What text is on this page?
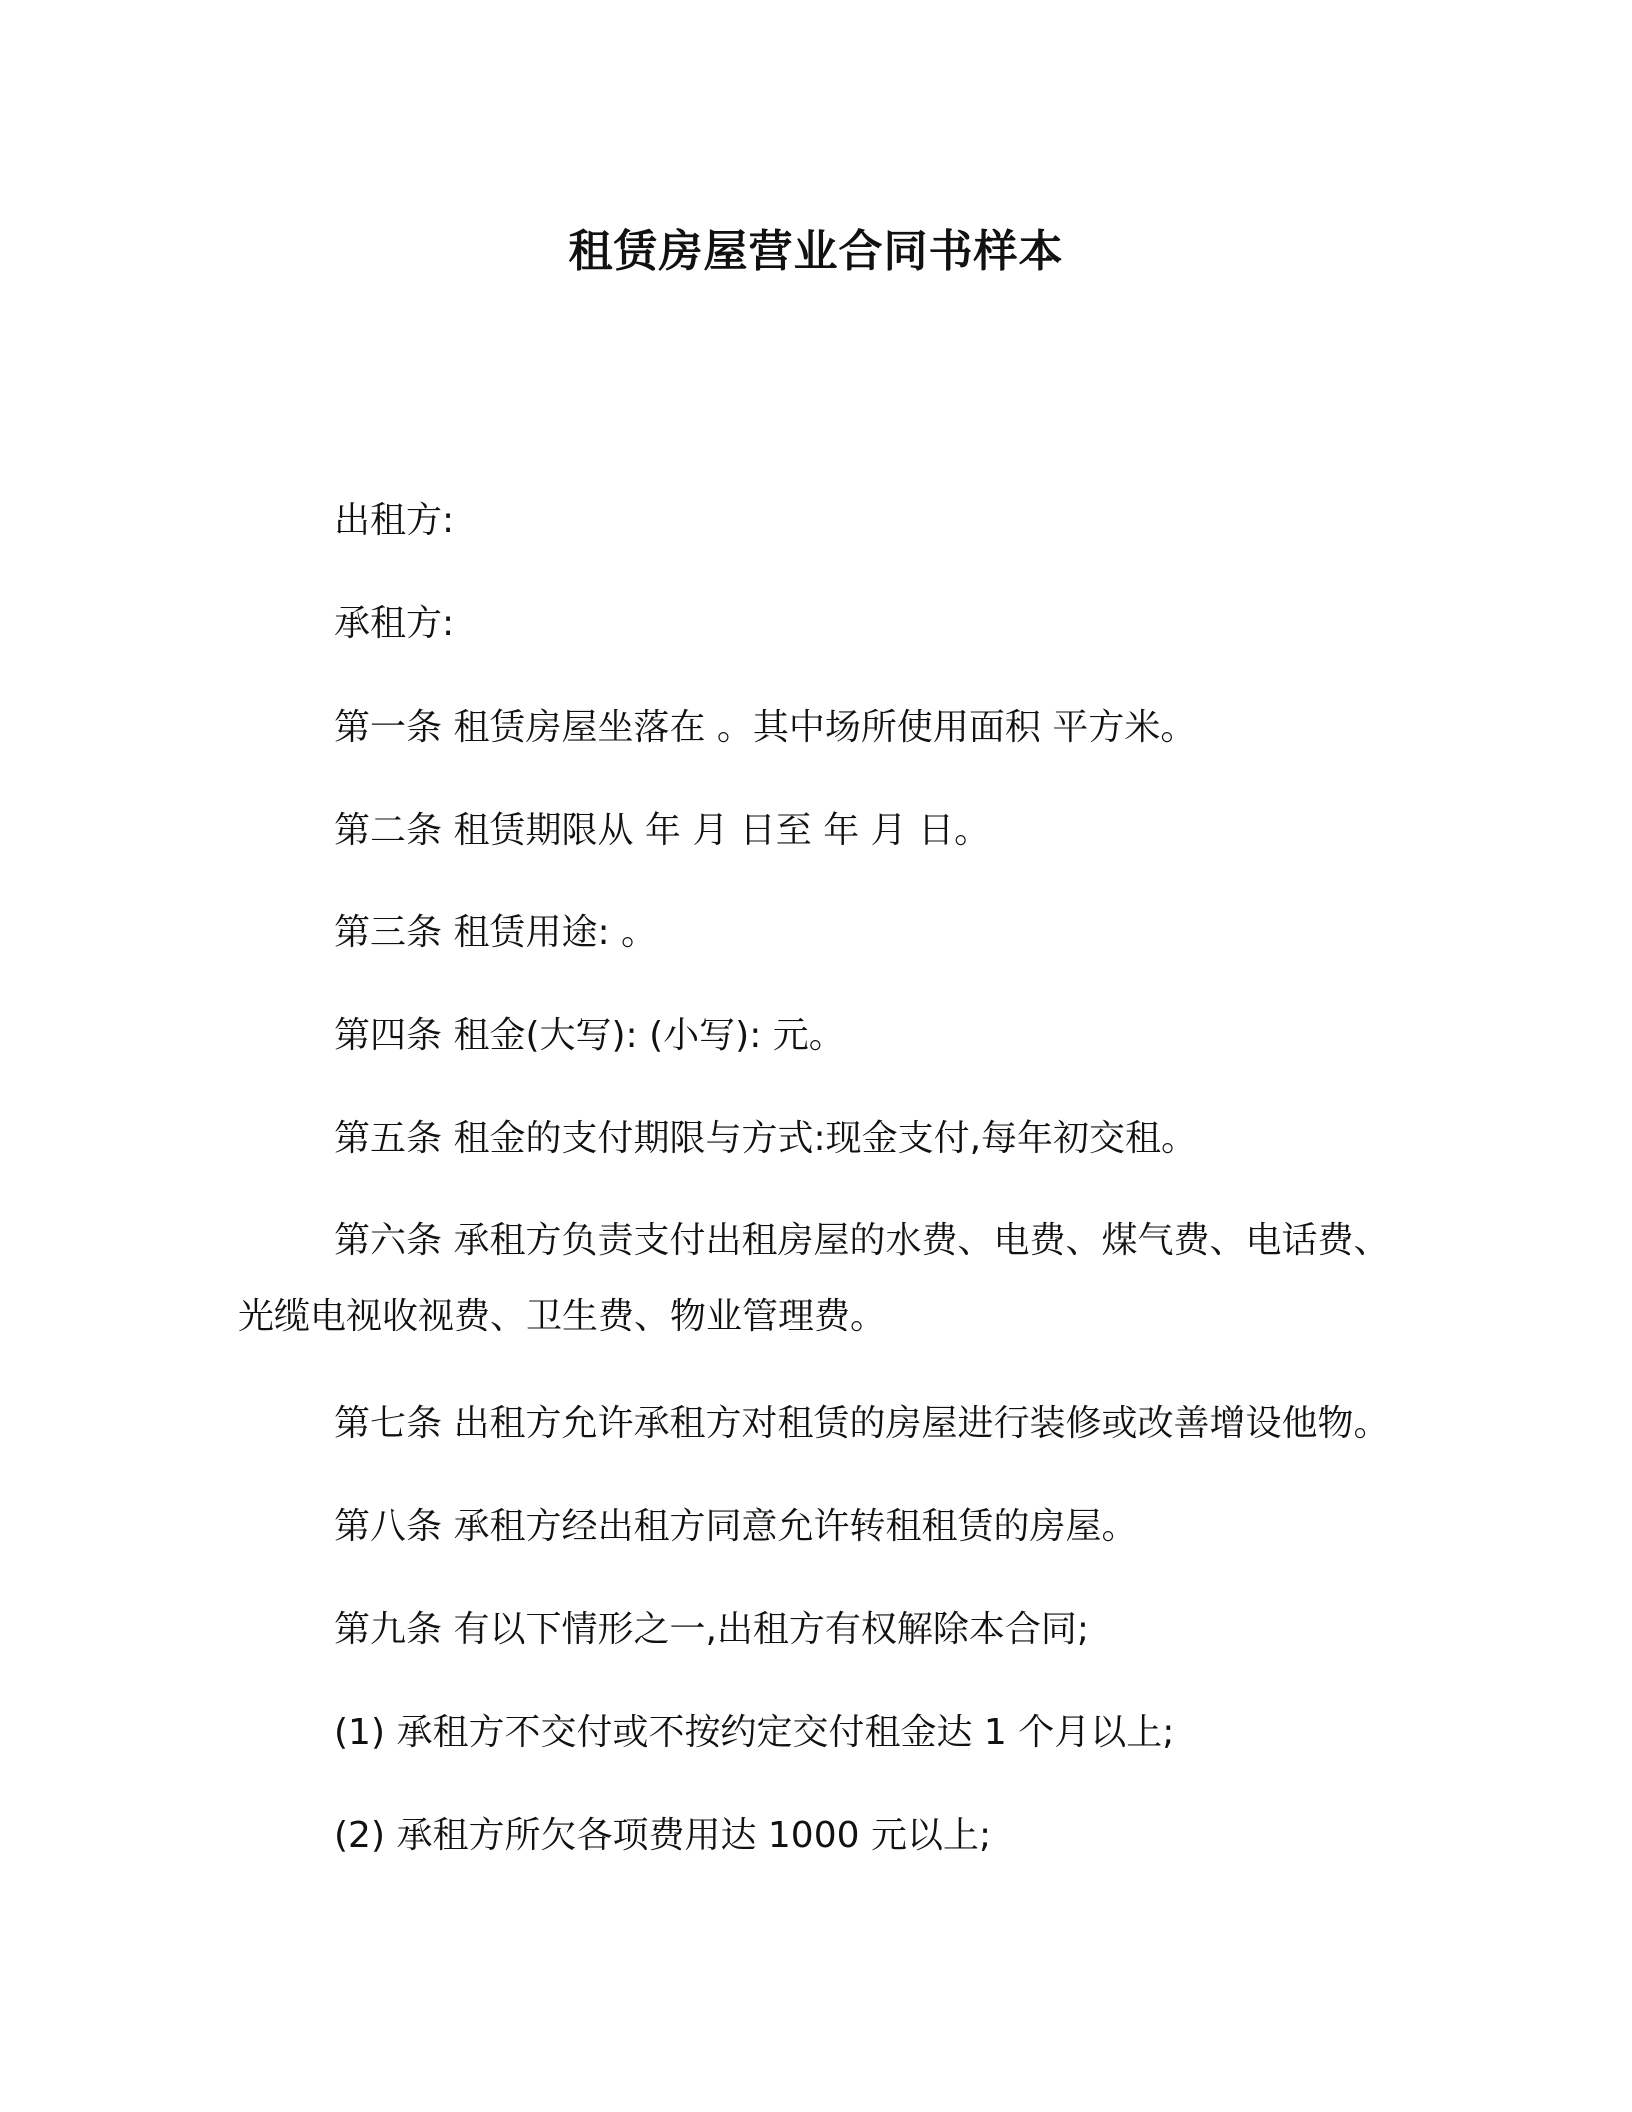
租赁房屋营业合同书样本
出租方:
承租方:
第一条 租赁房屋坐落在 。其中场所使用面积 平方米。
第二条 租赁期限从 年 月 日至 年 月 日。
第三条 租赁用途: 。
第四条 租金(大写): (小写): 元。
第五条 租金的支付期限与方式:现金支付,每年初交租。
第六条 承租方负责支付出租房屋的水费、电费、煤气费、电话费、光缆电视收视费、卫生费、物业管理费。
第七条 出租方允许承租方对租赁的房屋进行装修或改善增设他物。
第八条 承租方经出租方同意允许转租租赁的房屋。
第九条 有以下情形之一,出租方有权解除本合同;
(1) 承租方不交付或不按约定交付租金达 1 个月以上;
(2) 承租方所欠各项费用达 1000 元以上;
